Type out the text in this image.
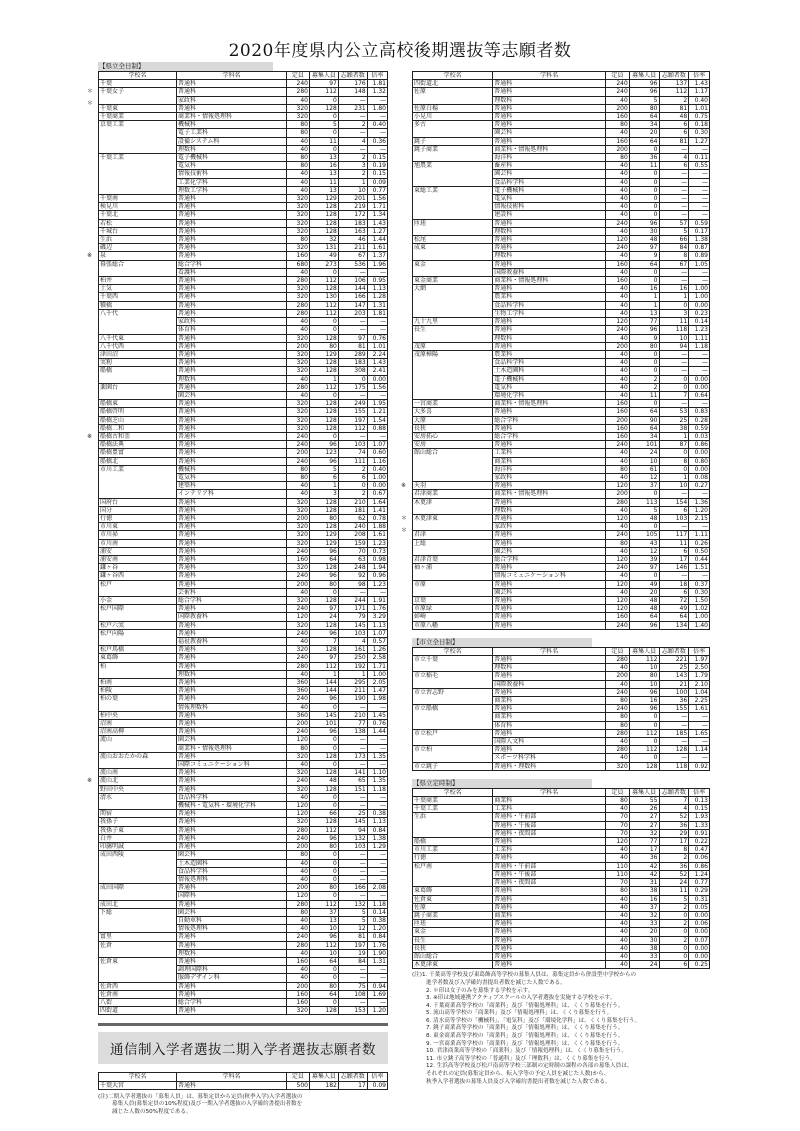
2020年度県内公立高校後期選抜等志願者数
【県立全日制】
学校名	学科名	定員	募集人員	志願者数	倍率
千葉	普通科	240	97	176	1.81

＊ 千葉女子	普通科	280	112	148	1.32

＊	家政科	40	0	—	—
千葉東	普通科	320	128	231	1.80
千葉商業	商業科・情報処理科	320	0	—	—
京葉工業	機械科	80	5	2	0.40
	電子工業科	80	0	—	—
	設備システム科	40	11	4	0.36
	理数科	40	0	—	—
千葉工業	電子機械科	80	13	2	0.15
	電気科	80	16	3	0.19
	情報技術科	40	13	2	0.15
	工業化学科	40	11	1	0.09
	理数工学科	40	13	10	0.77
千葉南	普通科	320	129	201	1.56
検見川	普通科	320	128	219	1.71
千葉北	普通科	320	128	172	1.34
若松	普通科	320	128	183	1.43
千城台	普通科	320	128	163	1.27
生浜	普通科	80	32	46	1.44
磯辺	普通科	320	131	211	1.61

※ 泉	普通科	160	49	67	1.37
幕張総合	総合学科	680	273	536	1.96
	看護科	40	0	—	—
柏井	普通科	280	112	106	0.95
土気	普通科	320	128	144	1.13
千葉西	普通科	320	130	166	1.28
犢橋	普通科	280	112	147	1.31
八千代	普通科	280	112	203	1.81
	家政科	40	0	—	—
	体育科	40	0	—	—
八千代東	普通科	320	128	97	0.76
八千代西	普通科	200	80	81	1.01
津田沼	普通科	320	129	289	2.24
実籾	普通科	320	128	183	1.43
船橋	普通科	320	128	308	2.41
	理数科	40	1	0	0.00
薬園台	普通科	280	112	175	1.56
	園芸科	40	0	—	—
船橋東	普通科	320	128	249	1.95
船橋啓明	普通科	320	128	155	1.21
船橋芝山	普通科	320	128	197	1.54
船橋二和	普通科	320	128	112	0.88

※ 船橋古和釜	普通科	240	0	—	—
船橋法典	普通科	240	96	103	1.07
船橋豊富	普通科	200	123	74	0.60
船橋北	普通科	240	96	111	1.16
市川工業	機械科	80	5	2	0.40
	電気科	80	6	6	1.00
	建築科	40	1	0	0.00
	インテリア科	40	3	2	0.67
国府台	普通科	320	128	210	1.64
国分	普通科	320	128	181	1.41
行徳	普通科	200	80	62	0.78
市川東	普通科	320	128	240	1.88
市川昴	普通科	320	129	208	1.61
市川南	普通科	320	129	159	1.23
浦安	普通科	240	96	70	0.73
浦安南	普通科	160	64	63	0.98
鎌ヶ谷	普通科	320	128	248	1.94
鎌ヶ谷西	普通科	240	96	92	0.96
松戸	普通科	200	80	98	1.23
	芸術科	40	0	—	—
小金	総合学科	320	128	244	1.91
松戸国際	普通科	240	97	171	1.76
	国際教養科	120	24	79	3.29
松戸六実	普通科	320	128	145	1.13
松戸向陽	普通科	240	96	103	1.07
	福祉教養科	40	7	4	0.57
松戸馬橋	普通科	320	128	161	1.26
東葛飾	普通科	240	97	250	2.58
柏	普通科	280	112	192	1.71
	理数科	40	1	1	1.00
柏南	普通科	360	144	295	2.05
柏陵	普通科	360	144	211	1.47
柏の葉	普通科	240	96	190	1.98
	情報理数科	40	0	—	—
柏中央	普通科	360	145	210	1.45
沼南	普通科	200	101	77	0.76
沼南高柳	普通科	240	96	138	1.44
流山	園芸科	120	0	—	—
	商業科・情報処理科	80	0	—	—
流山おおたかの森	普通科	320	128	173	1.35
	国際コミュニケーション科	40	0	—	—
流山南	普通科	320	128	141	1.10

※ 流山北	普通科	240	48	65	1.35
野田中央	普通科	320	128	151	1.18
清水	食品科学科	40	0	—	—
	機械科・電気科・環境化学科	120	0	—	—
関宿	普通科	120	66	25	0.38
我孫子	普通科	320	128	145	1.13
我孫子東	普通科	280	112	94	0.84
白井	普通科	240	96	132	1.38
印旛明誠	普通科	200	80	103	1.29
成田西陵	園芸科	80	0	—	—
	土木造園科	40	0	—	—
	食品科学科	40	0	—	—
	情報処理科	40	0	—	—
成田国際	普通科	200	80	166	2.08
	国際科	120	0	—	—
成田北	普通科	280	112	132	1.18
下総	園芸科	80	37	5	0.14
	自動車科	40	13	5	0.38
	情報処理科	40	10	12	1.20
富里	普通科	240	96	81	0.84
佐倉	普通科	280	112	197	1.76
	理数科	40	10	19	1.90
佐倉東	普通科	160	64	84	1.31
	調理国際科	40	0	—	—
	服飾デザイン科	40	0	—	—
佐倉西	普通科	200	80	75	0.94
佐倉南	普通科	160	64	108	1.69
八街	総合学科	160	0	—	—
四街道	普通科	320	128	153	1.20
通信制入学者選抜二期入学者選抜志願者数
学校名	学科名	定員	募集人員	志願者数	倍率
千葉大宮	普通科	500	182	17	0.09

(注)二期入学者選抜の「募集人員」は、募集定員から定員(秋季入学)入学者選抜の

募集人員(募集定員の10%程度)及び一期入学者選抜の入学確約書提出者数を

減じた人数の50%程度である。

学校名	学科名	定員	募集人員	志願者数	倍率
四街道北	普通科	240	96	137	1.43
佐原	普通科	240	96	112	1.17
	理数科	40	5	2	0.40
佐原白楊	普通科	200	80	81	1.01
小見川	普通科	160	64	48	0.75
多古	普通科	80	34	6	0.18
	園芸科	40	20	6	0.30
銚子	普通科	160	64	81	1.27
銚子商業	商業科・情報処理科	200	0	—	—
	海洋科	80	36	4	0.11
旭農業	畜産科	40	11	6	0.55
	園芸科	40	0	—	—
	食品科学科	40	0	—	—
東総工業	電子機械科	40	0	—	—
	電気科	40	0	—	—
	情報技術科	40	0	—	—
	建設科	40	0	—	—
匝瑳	普通科	240	96	57	0.59
	理数科	40	30	5	0.17
松尾	普通科	120	48	66	1.38
成東	普通科	240	97	84	0.87
	理数科	40	9	8	0.89
東金	普通科	160	64	67	1.05
	国際教養科	40	0	—	—
東金商業	商業科・情報処理科	160	0	—	—
大網	普通科	40	16	16	1.00
	農業科	40	1	1	1.00
	食品科学科	40	1	0	0.00
	生物工学科	40	13	3	0.23
九十九里	普通科	120	77	11	0.14
長生	普通科	240	96	118	1.23
	理数科	40	9	10	1.11
茂原	普通科	200	80	94	1.18
茂原樟陽	農業科	40	0	—	—
	食品科学科	40	0	—	—
	土木造園科	40	0	—	—
	電子機械科	40	2	0	0.00
	電気科	40	2	0	0.00
	環境化学科	40	11	7	0.64
一宮商業	商業科・情報処理科	160	0	—	—
大多喜	普通科	160	64	53	0.83
大原	総合学科	200	90	25	0.28
長狭	普通科	160	64	38	0.59
安房拓心	総合学科	160	34	1	0.03
安房	普通科	240	101	87	0.86
館山総合	工業科	40	24	0	0.00
	商業科	40	10	8	0.80
	海洋科	80	61	0	0.00
	家政科	40	12	1	0.08

※ 天羽	普通科	120	37	10	0.27
君津商業	商業科・情報処理科	200	0	—	—
木更津	普通科	280	113	154	1.36
	理数科	40	5	6	1.20

＊ 木更津東	普通科	120	48	103	2.15

＊	家政科	40	0	—	—
君津	普通科	240	105	117	1.11
上総	普通科	80	43	11	0.26
	園芸科	40	12	6	0.50
君津青葉	総合学科	120	39	17	0.44
袖ヶ浦	普通科	240	97	146	1.51
	情報コミュニケーション科	40	0	—	—
市原	普通科	120	49	18	0.37
	園芸科	40	20	6	0.30
京葉	普通科	120	48	72	1.50
市原緑	普通科	120	48	49	1.02
姉崎	普通科	160	64	64	1.00
市原八幡	普通科	240	96	134	1.40
【市立全日制】
学校名	学科名	定員	募集人員	志願者数	倍率
市立千葉	普通科	280	112	221	1.97
	理数科	40	10	25	2.50
市立稲毛	普通科	200	80	143	1.79
	国際教養科	40	10	21	2.10
市立習志野	普通科	240	96	100	1.04
	商業科	80	16	36	2.25
市立船橋	普通科	240	96	155	1.61
	商業科	80	0	—	—
	体育科	80	0	—	—
市立松戸	普通科	280	112	185	1.65
	国際人文科	40	0	—	—
市立柏	普通科	280	112	128	1.14
	スポーツ科学科	40	0	—	—
市立銚子	普通科・理数科	320	128	118	0.92
【県立定時制】
学校名	学科名	定員	募集人員	志願者数	倍率
千葉商業	商業科	80	55	7	0.13
千葉工業	工業科	40	26	4	0.15
生浜	普通科・午前部	70	27	52	1.93
	普通科・午後部	70	27	36	1.33
	普通科・夜間部	70	32	29	0.91
船橋	普通科	120	77	17	0.22
市川工業	工業科	40	17	8	0.47
行徳	普通科	40	36	2	0.06
松戸南	普通科・午前部	110	42	36	0.86
	普通科・午後部	110	42	52	1.24
	普通科・夜間部	70	31	24	0.77
東葛飾	普通科	80	38	11	0.29
佐倉東	普通科	40	16	5	0.31
佐原	普通科	40	37	2	0.05
銚子商業	商業科	40	32	0	0.00
匝瑳	普通科	40	33	2	0.06
東金	普通科	40	20	0	0.00
長生	普通科	40	30	2	0.07
長狭	普通科	40	38	0	0.00
館山総合	普通科	40	33	0	0.00
木更津東	普通科	40	24	6	0.25

(注)1. 千葉高等学校及び東葛飾高等学校の募集人員は、募集定員から併設型中学校からの

進学者数及び入学確約書提出者数を減じた人数である。

2. ＊印は女子のみを募集する学校を示す。

3. ※印は地域連携アクティブスクールの入学者選抜を実施する学校を示す。

4. 千葉商業高等学校の「商業科」及び「情報処理科」は、くくり募集を行う。

5. 流山高等学校の「商業科」及び「情報処理科」は、くくり募集を行う。

6. 清水高等学校の「機械科」、「電気科」及び「環境化学科」は、くくり募集を行う。

7. 銚子商業高等学校の「商業科」及び「情報処理科」は、くくり募集を行う。

8. 東金商業高等学校の「商業科」及び「情報処理科」は、くくり募集を行う。

9. 一宮商業高等学校の「商業科」及び「情報処理科」は、くくり募集を行う。

10. 君津商業高等学校の「商業科」及び「情報処理科」は、くくり募集を行う。

11. 市立銚子高等学校の「普通科」及び「理数科」は、くくり募集を行う。

12. 生浜高等学校及び松戸南高等学校三部制の定時制の課程の各部の募集人員は、

それぞれの定員(募集定員から、転入学等の予定人員を減じた人数)から、

秋季入学者選抜の募集人員及び入学確約書提出者数を減じた人数である。
